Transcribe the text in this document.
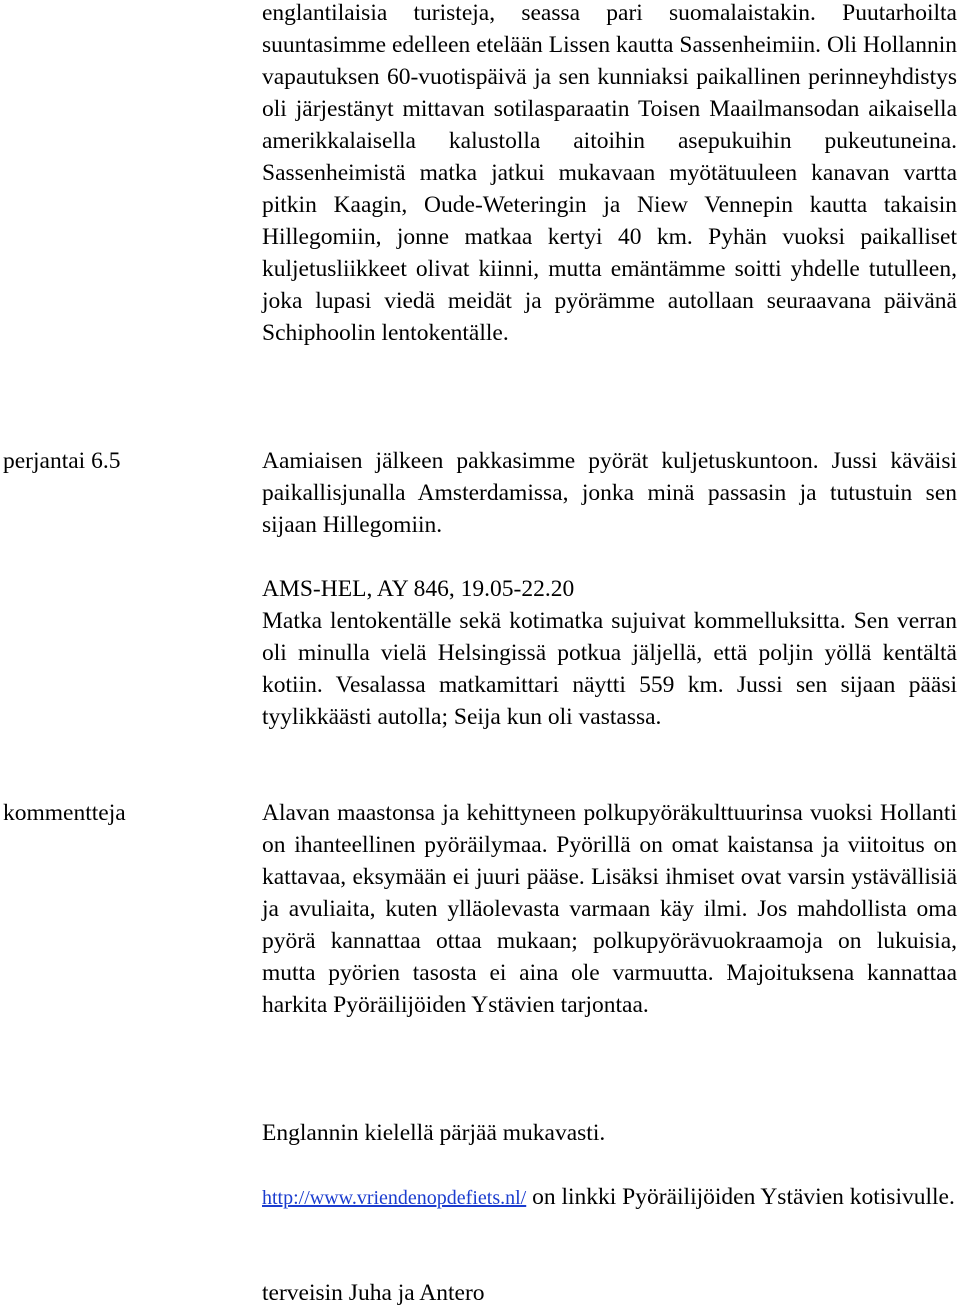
englantilaisia turisteja, seassa pari suomalaistakin. Puutarhoilta suuntasimme edelleen etelään Lissen kautta Sassenheimiin. Oli Hollannin vapautuksen 60-vuotispäivä ja sen kunniaksi paikallinen perinneyhdistys oli järjestänyt mittavan sotilasparaatin Toisen Maailmansodan aikaisella amerikkalaisella kalustolla aitoihin asepukuihin pukeutuneina. Sassenheimistä matka jatkui mukavaan myötätuuleen kanavan vartta pitkin Kaagin, Oude-Weteringin ja Niew Vennepin kautta takaisin Hillegomiin, jonne matkaa kertyi 40 km. Pyhän vuoksi paikalliset kuljetusliikkeet olivat kiinni, mutta emäntämme soitti yhdelle tutulleen, joka lupasi viedä meidät ja pyörämme autollaan seuraavana päivänä Schiphoolin lentokentälle.
perjantai 6.5	Aamiaisen jälkeen pakkasimme pyörät kuljetuskuntoon. Jussi käväisi paikallisjunalla Amsterdamissa, jonka minä passasin ja tutustuin sen sijaan Hillegomiin.
AMS-HEL, AY 846, 19.05-22.20
Matka lentokentälle sekä kotimatka sujuivat kommelluksitta. Sen verran oli minulla vielä Helsingissä potkua jäljellä, että poljin yöllä kentältä kotiin. Vesalassa matkamittari näytti 559 km. Jussi sen sijaan pääsi tyylikkäästi autolla; Seija kun oli vastassa.
kommentteja	Alavan maastonsa ja kehittyneen polkupyöräkulttuurinsa vuoksi Hollanti on ihanteellinen pyöräilymaa. Pyörillä on omat kaistansa ja viitoitus on kattavaa, eksymään ei juuri pääse. Lisäksi ihmiset ovat varsin ystävällisiä ja avuliaita, kuten ylläolevasta varmaan käy ilmi. Jos mahdollista oma pyörä kannattaa ottaa mukaan; polkupyörävuokraamoja on lukuisia, mutta pyörien tasosta ei aina ole varmuutta. Majoituksena kannattaa harkita Pyöräilijöiden Ystävien tarjontaa.
Englannin kielellä pärjää mukavasti.
http://www.vriendenopdefiets.nl/ on linkki Pyöräilijöiden Ystävien kotisivulle.
terveisin Juha ja Antero
